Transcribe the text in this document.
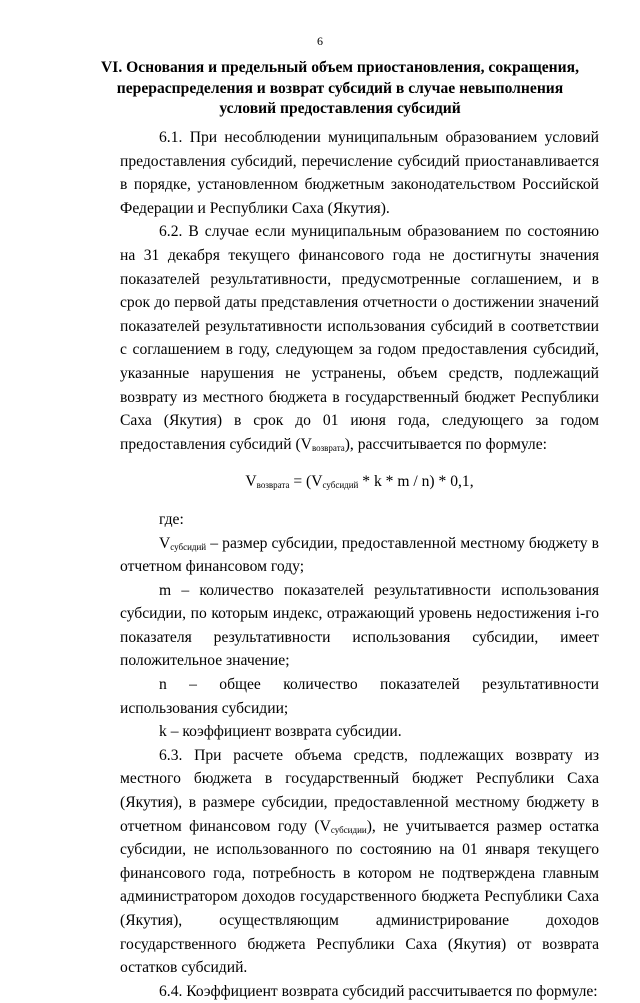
6
VI. Основания и предельный объем приостановления, сокращения, перераспределения и возврат субсидий в случае невыполнения условий предоставления субсидий

6.1. При несоблюдении муниципальным образованием условий предоставления субсидий, перечисление субсидий приостанавливается в порядке, установленном бюджетным законодательством Российской Федерации и Республики Саха (Якутия).

6.2. В случае если муниципальным образованием по состоянию на 31 декабря текущего финансового года не достигнуты значения показателей результативности, предусмотренные соглашением, и в срок до первой даты представления отчетности о достижении значений показателей результативности использования субсидий в соответствии с соглашением в году, следующем за годом предоставления субсидий, указанные нарушения не устранены, объем средств, подлежащий возврату из местного бюджета в государственный бюджет Республики Саха (Якутия) в срок до 01 июня года, следующего за годом предоставления субсидий $(V_{возврата})$, рассчитывается по формуле:

$V_{возврата} = (V_{субсидий} * k * m / n) * 0,1$,

где:

$V_{субсидий}$ – размер субсидии, предоставленной местному бюджету в отчетном финансовом году;

m – количество показателей результативности использования субсидии, по которым индекс, отражающий уровень недостижения i-го показателя результативности использования субсидии, имеет положительное значение;

n – общее количество показателей результативности использования субсидии;

k – коэффициент возврата субсидии.

6.3. При расчете объема средств, подлежащих возврату из местного бюджета в государственный бюджет Республики Саха (Якутия), в размере субсидии, предоставленной местному бюджету в отчетном финансовом году $(V_{субсидии})$, не учитывается размер остатка субсидии, не использованного по состоянию на 01 января текущего финансового года, потребность в котором не подтверждена главным администратором доходов государственного бюджета Республики Саха (Якутия), осуществляющим администрирование доходов государственного бюджета Республики Саха (Якутия) от возврата остатков субсидий.

6.4. Коэффициент возврата субсидий рассчитывается по формуле:
